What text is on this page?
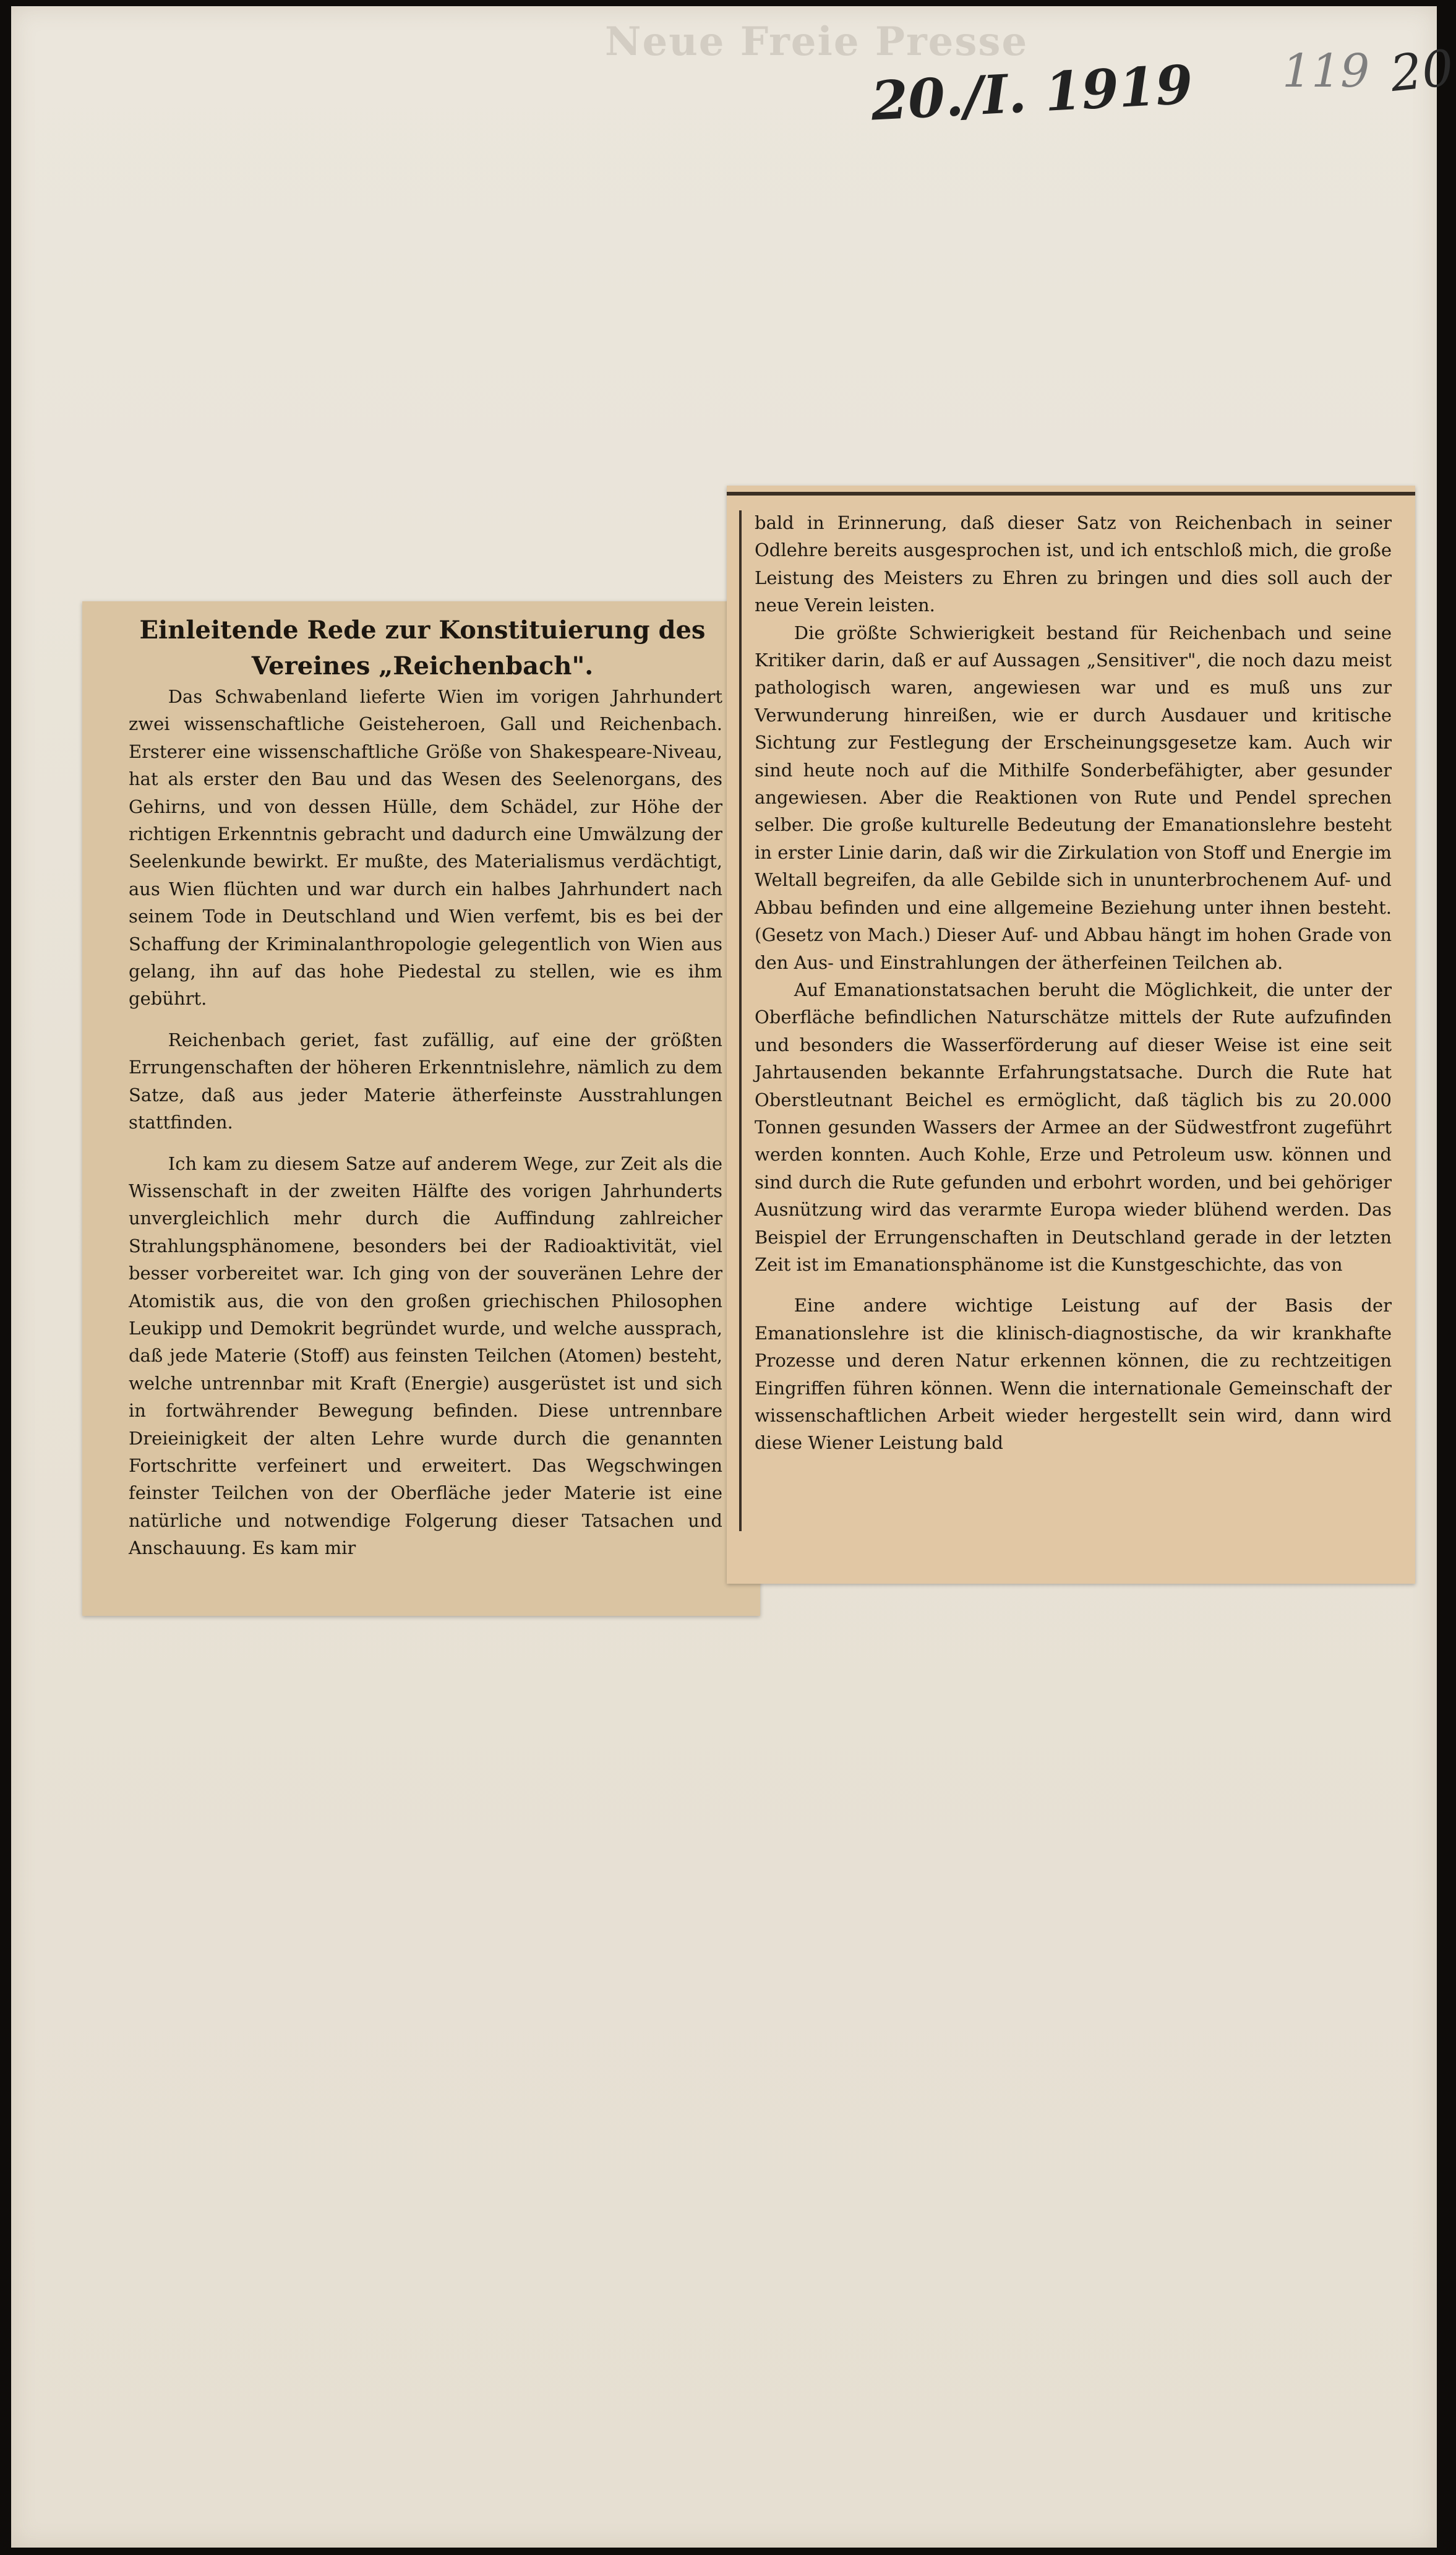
Neue Freie Presse
20./I. 1919 119 20
Einleitende Rede zur Konstituierung des Vereines „Reichenbach".

Das Schwabenland lieferte Wien im vorigen Jahrhundert zwei wissenschaftliche Geisteheroen, Gall und Reichenbach. Ersterer eine wissenschaftliche Größe von Shakespeare-Niveau, hat als erster den Bau und das Wesen des Seelenorgans, des Gehirns, und von dessen Hülle, dem Schädel, zur Höhe der richtigen Erkenntnis gebracht und dadurch eine Umwälzung der Seelenkunde bewirkt. Er mußte, des Materialismus verdächtigt, aus Wien flüchten und war durch ein halbes Jahrhundert nach seinem Tode in Deutschland und Wien verfemt, bis es bei der Schaffung der Kriminalanthropologie gelegentlich von Wien aus gelang, ihn auf das hohe Piedestal zu stellen, wie es ihm gebührt.

Reichenbach geriet, fast zufällig, auf eine der größten Errungenschaften der höheren Erkenntnislehre, nämlich zu dem Satze, daß aus jeder Materie ätherfeinste Ausstrahlungen stattfinden.

Ich kam zu diesem Satze auf anderem Wege, zur Zeit als die Wissenschaft in der zweiten Hälfte des vorigen Jahrhunderts unvergleichlich mehr durch die Auffindung zahlreicher Strahlungsphänomene, besonders bei der Radioaktivität, viel besser vorbereitet war. Ich ging von der souveränen Lehre der Atomistik aus, die von den großen griechischen Philosophen Leukipp und Demokrit begründet wurde, und welche aussprach, daß jede Materie (Stoff) aus feinsten Teilchen (Atomen) besteht, welche untrennbar mit Kraft (Energie) ausgerüstet ist und sich in fortwährender Bewegung befinden. Diese untrennbare Dreieinigkeit der alten Lehre wurde durch die genannten Fortschritte verfeinert und erweitert. Das Wegschwingen feinster Teilchen von der Oberfläche jeder Materie ist eine natürliche und notwendige Folgerung dieser Tatsachen und Anschauung. Es kam mir

bald in Erinnerung, daß dieser Satz von Reichenbach in seiner Odlehre bereits ausgesprochen ist, und ich entschloß mich, die große Leistung des Meisters zu Ehren zu bringen und dies soll auch der neue Verein leisten.

Die größte Schwierigkeit bestand für Reichenbach und seine Kritiker darin, daß er auf Aussagen „Sensitiver", die noch dazu meist pathologisch waren, angewiesen war und es muß uns zur Verwunderung hinreißen, wie er durch Ausdauer und kritische Sichtung zur Festlegung der Erscheinungsgesetze kam. Auch wir sind heute noch auf die Mithilfe Sonderbefähigter, aber gesunder angewiesen. Aber die Reaktionen von Rute und Pendel sprechen selber. Die große kulturelle Bedeutung der Emanationslehre besteht in erster Linie darin, daß wir die Zirkulation von Stoff und Energie im Weltall begreifen, da alle Gebilde sich in ununterbrochenem Auf- und Abbau befinden und eine allgemeine Beziehung unter ihnen besteht. (Gesetz von Mach.) Dieser Auf- und Abbau hängt im hohen Grade von den Aus- und Einstrahlungen der ätherfeinen Teilchen ab.

Auf Emanationstatsachen beruht die Möglichkeit, die unter der Oberfläche befindlichen Naturschätze mittels der Rute aufzufinden und besonders die Wasserförderung auf dieser Weise ist eine seit Jahrtausenden bekannte Erfahrungstatsache. Durch die Rute hat Oberstleutnant Beichel es ermöglicht, daß täglich bis zu 20.000 Tonnen gesunden Wassers der Armee an der Südwestfront zugeführt werden konnten. Auch Kohle, Erze und Petroleum usw. können und sind durch die Rute gefunden und erbohrt worden, und bei gehöriger Ausnützung wird das verarmte Europa wieder blühend werden. Das Beispiel der Errungenschaften in Deutschland gerade in der letzten Zeit ist im Emanationsphänome ist die Kunstgeschichte, das von

Eine andere wichtige Leistung auf der Basis der Emanationslehre ist die klinisch-diagnostische, da wir krankhafte Prozesse und deren Natur erkennen können, die zu rechtzeitigen Eingriffen führen können. Wenn die internationale Gemeinschaft der wissenschaftlichen Arbeit wieder hergestellt sein wird, dann wird diese Wiener Leistung bald
